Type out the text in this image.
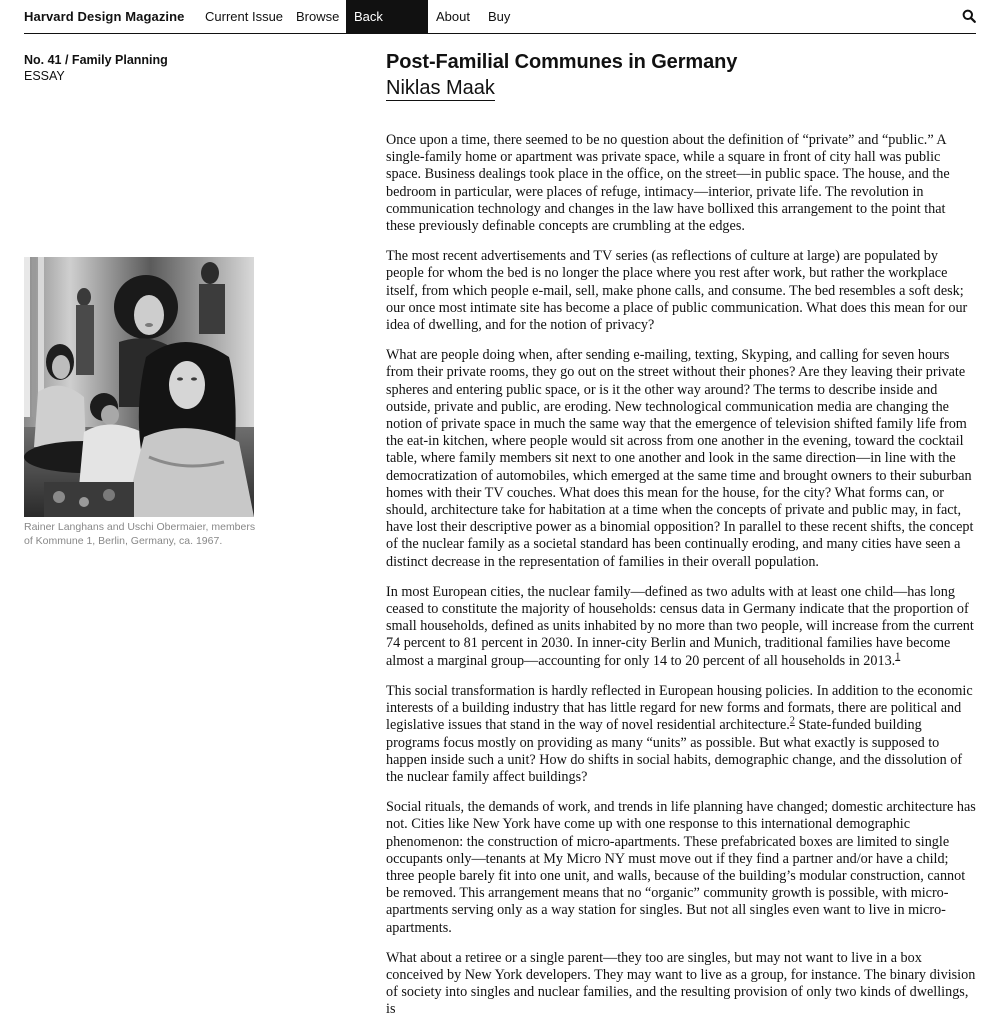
Harvard Design Magazine	Current Issue Browse	Back Issues
About	Buy
No. 41 / Family Planning
ESSAY
Rainer Langhans and Uschi Obermaier, members of Kommune 1, Berlin, Germany, ca. 1967.
Post-Familial Communes in Germany
Niklas Maak

Once upon a time, there seemed to be no question about the definition of “private” and “public.” A single-family home or apartment was private space, while a square in front of city hall was public space. Business dealings took place in the office, on the street—in public space. The house, and the bedroom in particular, were places of refuge, intimacy—interior, private life. The revolution in communication technology and changes in the law have bollixed this arrangement to the point that these previously definable concepts are crumbling at the edges.

The most recent advertisements and TV series (as reflections of culture at large) are populated by people for whom the bed is no longer the place where you rest after work, but rather the workplace itself, from which people e-mail, sell, make phone calls, and consume. The bed resembles a soft desk; our once most intimate site has become a place of public communication. What does this mean for our idea of dwelling, and for the notion of privacy?

What are people doing when, after sending e-mailing, texting, Skyping, and calling for seven hours from their private rooms, they go out on the street without their phones? Are they leaving their private spheres and entering public space, or is it the other way around? The terms to describe inside and outside, private and public, are eroding. New technological communication media are changing the notion of private space in much the same way that the emergence of television shifted family life from the eat-in kitchen, where people would sit across from one another in the evening, toward the cocktail table, where family members sit next to one another and look in the same direction—in line with the democratization of automobiles, which emerged at the same time and brought owners to their suburban homes with their TV couches. What does this mean for the house, for the city? What forms can, or should, architecture take for habitation at a time when the concepts of private and public may, in fact, have lost their descriptive power as a binomial opposition? In parallel to these recent shifts, the concept of the nuclear family as a societal standard has been continually eroding, and many cities have seen a distinct decrease in the representation of families in their overall population.

In most European cities, the nuclear family—defined as two adults with at least one child—has long ceased to constitute the majority of households: census data in Germany indicate that the proportion of small households, defined as units inhabited by no more than two people, will increase from the current 74 percent to 81 percent in 2030. In inner-city Berlin and Munich, traditional families have become almost a marginal group—accounting for only 14 to 20 percent of all households in 2013.$^1$

This social transformation is hardly reflected in European housing policies. In addition to the economic interests of a building industry that has little regard for new forms and formats, there are political and legislative issues that stand in the way of novel residential architecture.$^2$ State-funded building programs focus mostly on providing as many “units” as possible. But what exactly is supposed to happen inside such a unit? How do shifts in social habits, demographic change, and the dissolution of the nuclear family affect buildings?

Social rituals, the demands of work, and trends in life planning have changed; domestic architecture has not. Cities like New York have come up with one response to this international demographic phenomenon: the construction of micro-apartments. These prefabricated boxes are limited to single occupants only—tenants at My Micro NY must move out if they find a partner and/or have a child; three people barely fit into one unit, and walls, because of the building’s modular construction, cannot be removed. This arrangement means that no “organic” community growth is possible, with micro-apartments serving only as a way station for singles. But not all singles even want to live in micro-apartments.

What about a retiree or a single parent—they too are singles, but may not want to live in a box conceived by New York developers. They may want to live as a group, for instance. The binary division of society into singles and nuclear families, and the resulting provision of only two kinds of dwellings, is
